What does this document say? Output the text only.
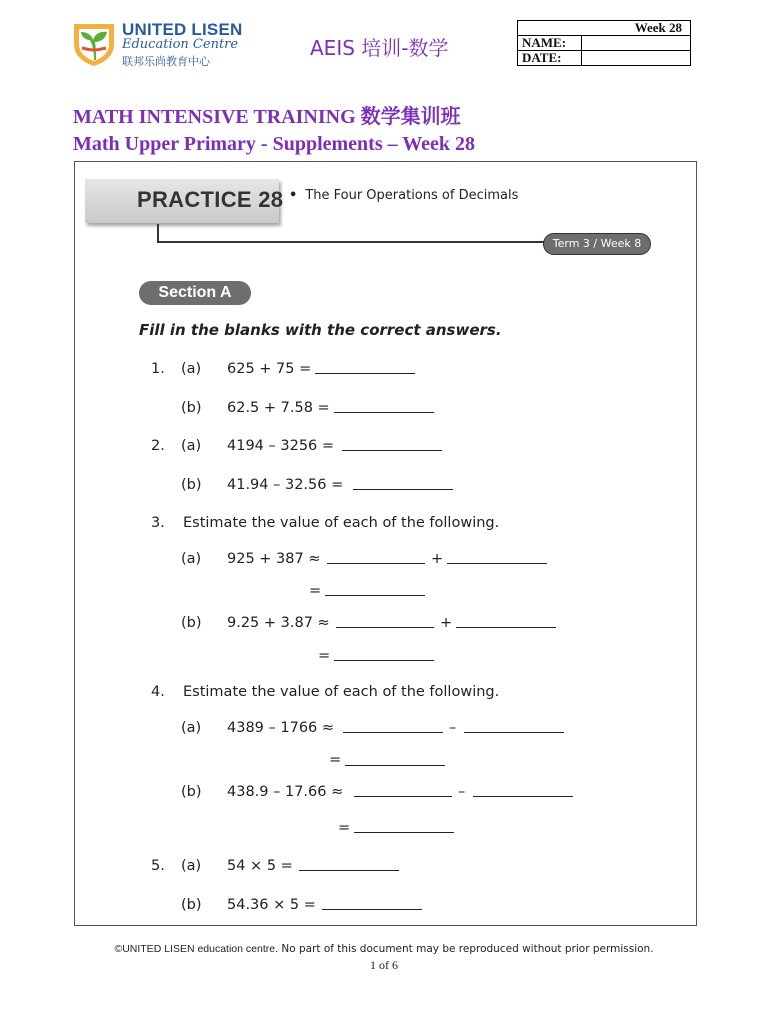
UNITED LISEN
Education Centre
联邦乐尚教育中心
AEIS 培训-数学
Week 28	
NAME:	
DATE:	
MATH INTENSIVE TRAINING 数学集训班
Math Upper Primary - Supplements – Week 28
PRACTICE 28 • The Four Operations of Decimals
Term 3 / Week 8
Section A
Fill in the blanks with the correct answers.
1. (a) 625 + 75 =
(b) 62.5 + 7.58 =
2. (a) 4194 – 3256 =
(b) 41.94 – 32.56 =
3. Estimate the value of each of the following.
(a) 925 + 387 ≈	+
=
(b) 9.25 + 3.87 ≈	+
=
4. Estimate the value of each of the following.
(a) 4389 – 1766 ≈	–
=
(b) 438.9 – 17.66 ≈	–
=
5. (a) 54 × 5 =
(b) 54.36 × 5 =
©UNITED LISEN education centre. No part of this document may be reproduced without prior permission.
1 of 6
